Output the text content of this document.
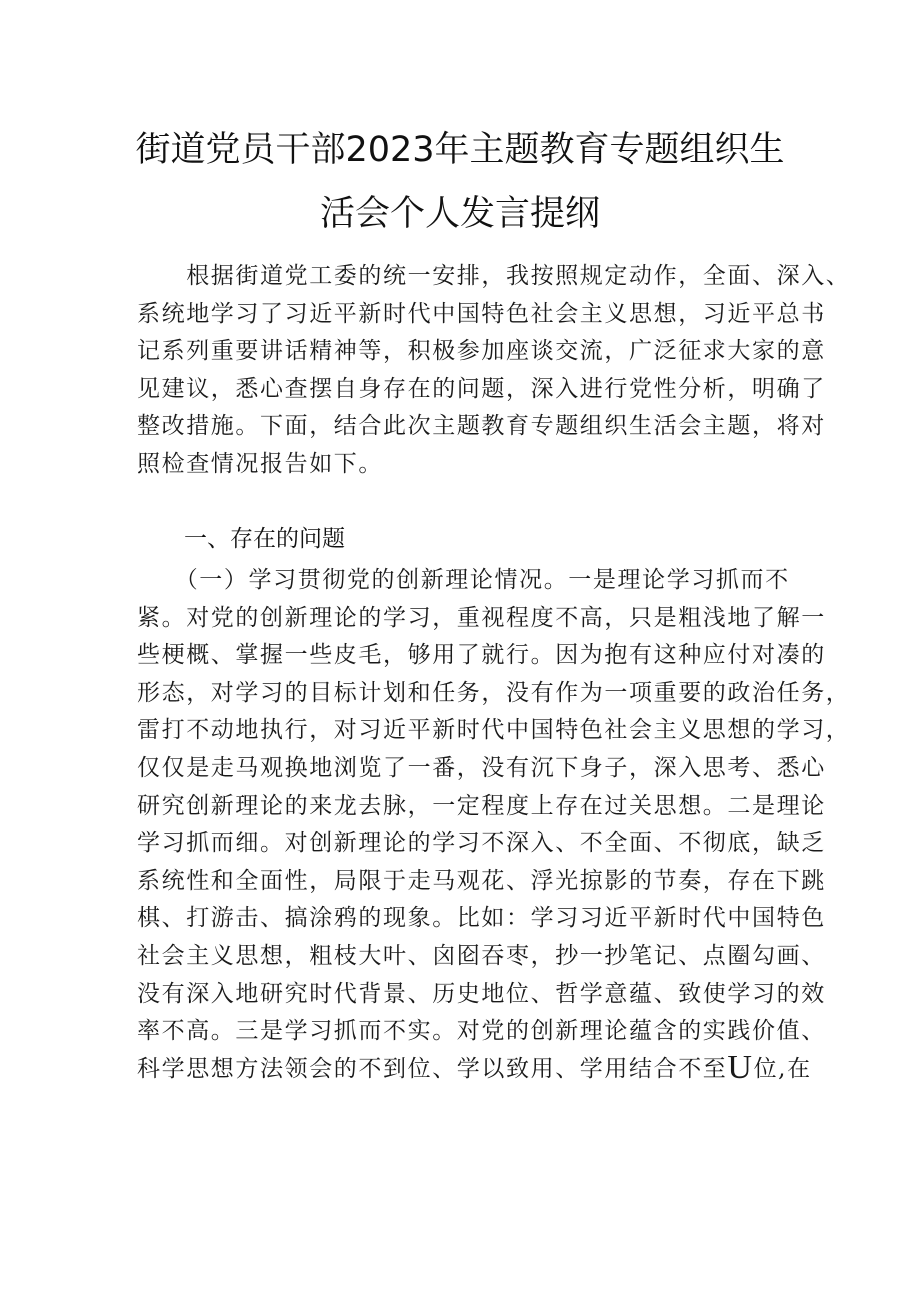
街道党员干部2023年主题教育专题组织生
活会个人发言提纲
　　根据街道党工委的统一安排，我按照规定动作，全面、深入、
系统地学习了习近平新时代中国特色社会主义思想，习近平总书
记系列重要讲话精神等，积极参加座谈交流，广泛征求大家的意
见建议，悉心查摆自身存在的问题，深入进行党性分析，明确了
整改措施。下面，结合此次主题教育专题组织生活会主题，将对
照检查情况报告如下。
一、存在的问题
　　（一）学习贯彻党的创新理论情况。一是理论学习抓而不
紧。对党的创新理论的学习，重视程度不高，只是粗浅地了解一
些梗概、掌握一些皮毛，够用了就行。因为抱有这种应付对凑的
形态，对学习的目标计划和任务，没有作为一项重要的政治任务，
雷打不动地执行，对习近平新时代中国特色社会主义思想的学习，
仅仅是走马观换地浏览了一番，没有沉下身子，深入思考、悉心
研究创新理论的来龙去脉，一定程度上存在过关思想。二是理论
学习抓而细。对创新理论的学习不深入、不全面、不彻底，缺乏
系统性和全面性，局限于走马观花、浮光掠影的节奏，存在下跳
棋、打游击、搞涂鸦的现象。比如：学习习近平新时代中国特色
社会主义思想，粗枝大叶、囟囵吞枣，抄一抄笔记、点圈勾画、
没有深入地研究时代背景、历史地位、哲学意蕴、致使学习的效
率不高。三是学习抓而不实。对党的创新理论蕴含的实践价值、
科学思想方法领会的不到位、学以致用、学用结合不至U位,在
